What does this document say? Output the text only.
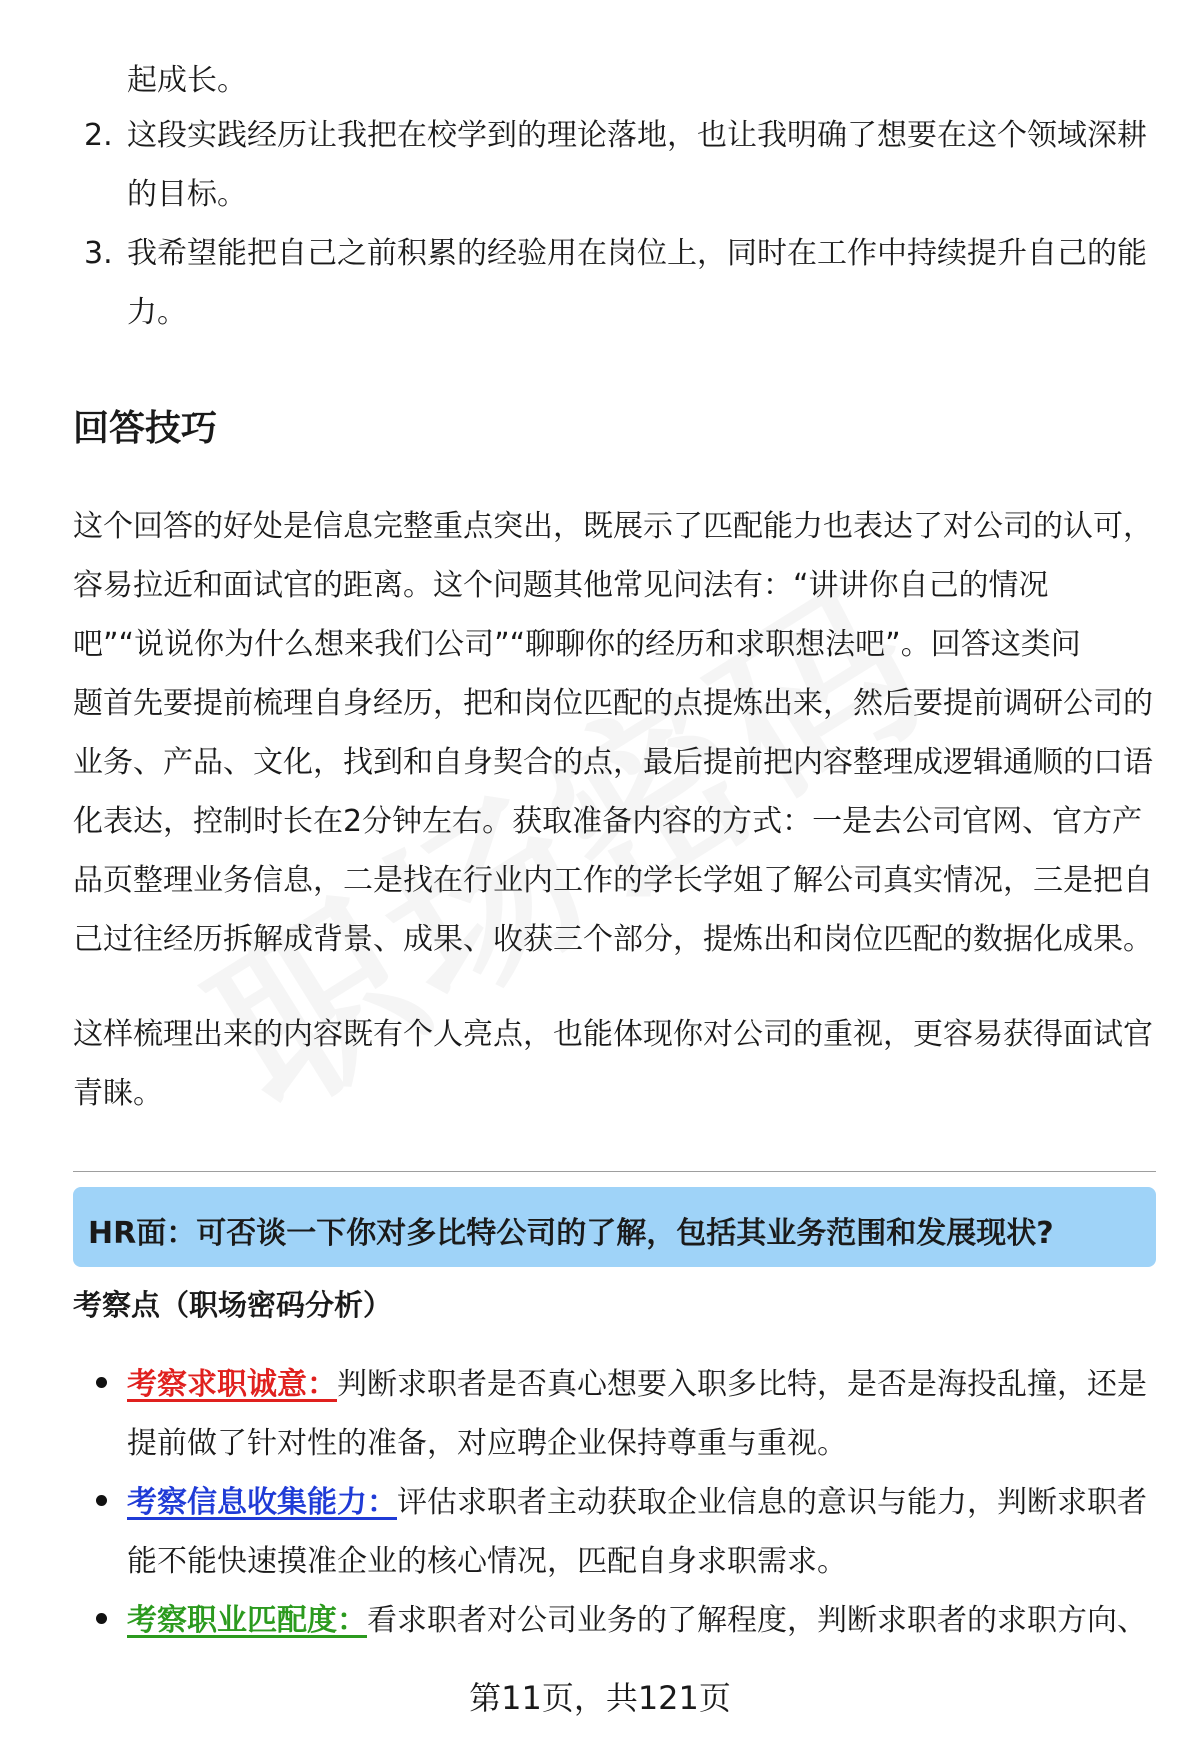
起成长。
2. 这段实践经历让我把在校学到的理论落地，也让我明确了想要在这个领域深耕
的目标。
3. 我希望能把自己之前积累的经验用在岗位上，同时在工作中持续提升自己的能
力。
回答技巧
这个回答的好处是信息完整重点突出，既展示了匹配能力也表达了对公司的认可，
容易拉近和面试官的距离。这个问题其他常见问法有：“讲讲你自己的情况
吧”“说说你为什么想来我们公司”“聊聊你的经历和求职想法吧”。回答这类问
题首先要提前梳理自身经历，把和岗位匹配的点提炼出来，然后要提前调研公司的
业务、产品、文化，找到和自身契合的点，最后提前把内容整理成逻辑通顺的口语
化表达，控制时长在2分钟左右。获取准备内容的方式：一是去公司官网、官方产
品页整理业务信息，二是找在行业内工作的学长学姐了解公司真实情况，三是把自
己过往经历拆解成背景、成果、收获三个部分，提炼出和岗位匹配的数据化成果。
这样梳理出来的内容既有个人亮点，也能体现你对公司的重视，更容易获得面试官
青睐。
HR面：可否谈一下你对多比特公司的了解，包括其业务范围和发展现状?
考察点（职场密码分析）
考察求职诚意：判断求职者是否真心想要入职多比特，是否是海投乱撞，还是
提前做了针对性的准备，对应聘企业保持尊重与重视。
考察信息收集能力：评估求职者主动获取企业信息的意识与能力，判断求职者
能不能快速摸准企业的核心情况，匹配自身求职需求。
考察职业匹配度：看求职者对公司业务的了解程度，判断求职者的求职方向、
第11页，共121页
